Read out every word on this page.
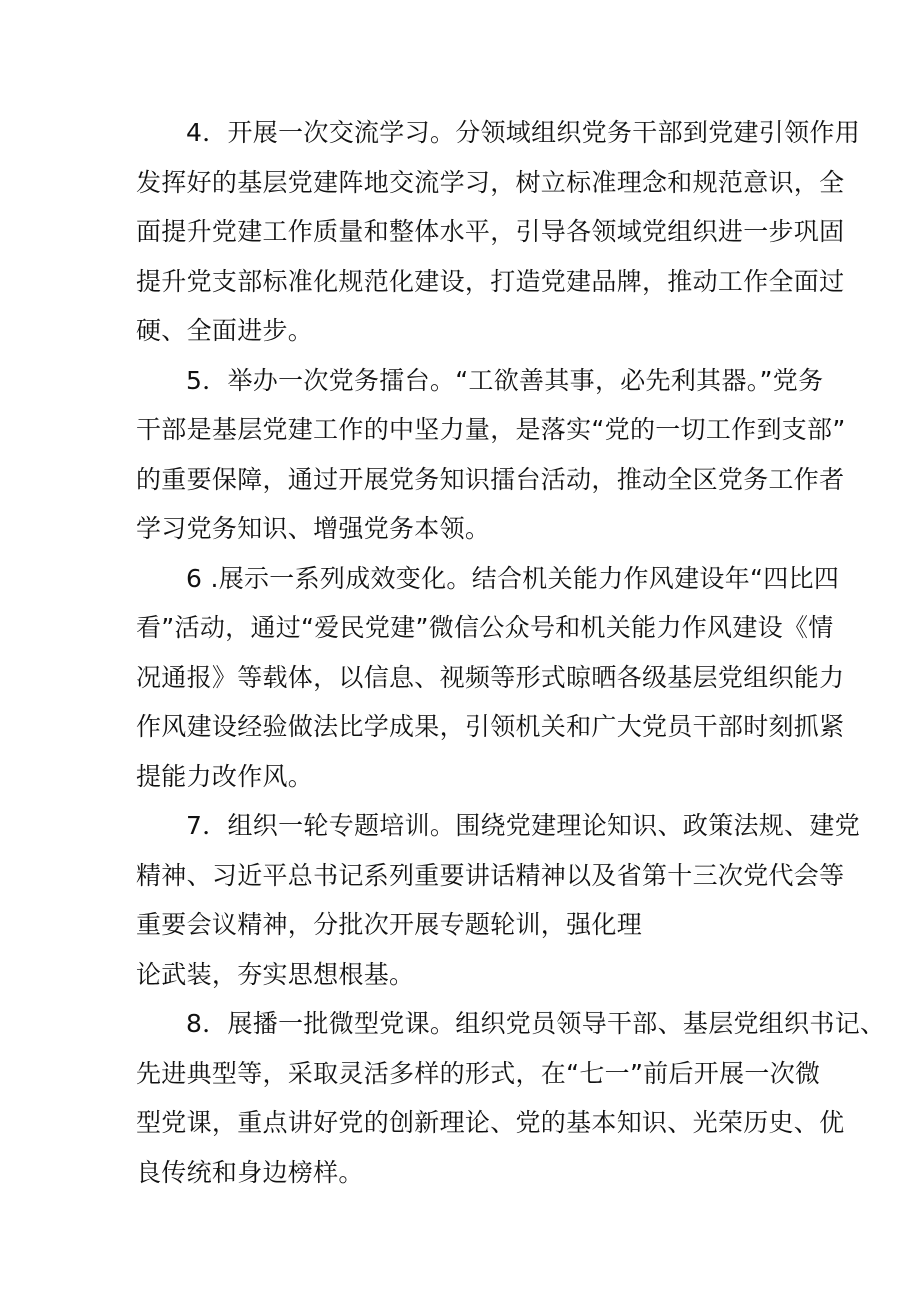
4．开展一次交流学习。分领域组织党务干部到党建引领作用
发挥好的基层党建阵地交流学习，树立标准理念和规范意识，全
面提升党建工作质量和整体水平，引导各领域党组织进一步巩固
提升党支部标准化规范化建设，打造党建品牌，推动工作全面过
硬、全面进步。
5．举办一次党务擂台。“工欲善其事，必先利其器。”党务
干部是基层党建工作的中坚力量，是落实“党的一切工作到支部”
的重要保障，通过开展党务知识擂台活动，推动全区党务工作者
学习党务知识、增强党务本领。
6 .展示一系列成效变化。结合机关能力作风建设年“四比四
看”活动，通过“爱民党建”微信公众号和机关能力作风建设《情
况通报》等载体，以信息、视频等形式晾晒各级基层党组织能力
作风建设经验做法比学成果，引领机关和广大党员干部时刻抓紧
提能力改作风。
7．组织一轮专题培训。围绕党建理论知识、政策法规、建党
精神、习近平总书记系列重要讲话精神以及省第十三次党代会等
重要会议精神，分批次开展专题轮训，强化理
论武装，夯实思想根基。
8．展播一批微型党课。组织党员领导干部、基层党组织书记、
先进典型等，采取灵活多样的形式，在“七一”前后开展一次微
型党课，重点讲好党的创新理论、党的基本知识、光荣历史、优
良传统和身边榜样。
